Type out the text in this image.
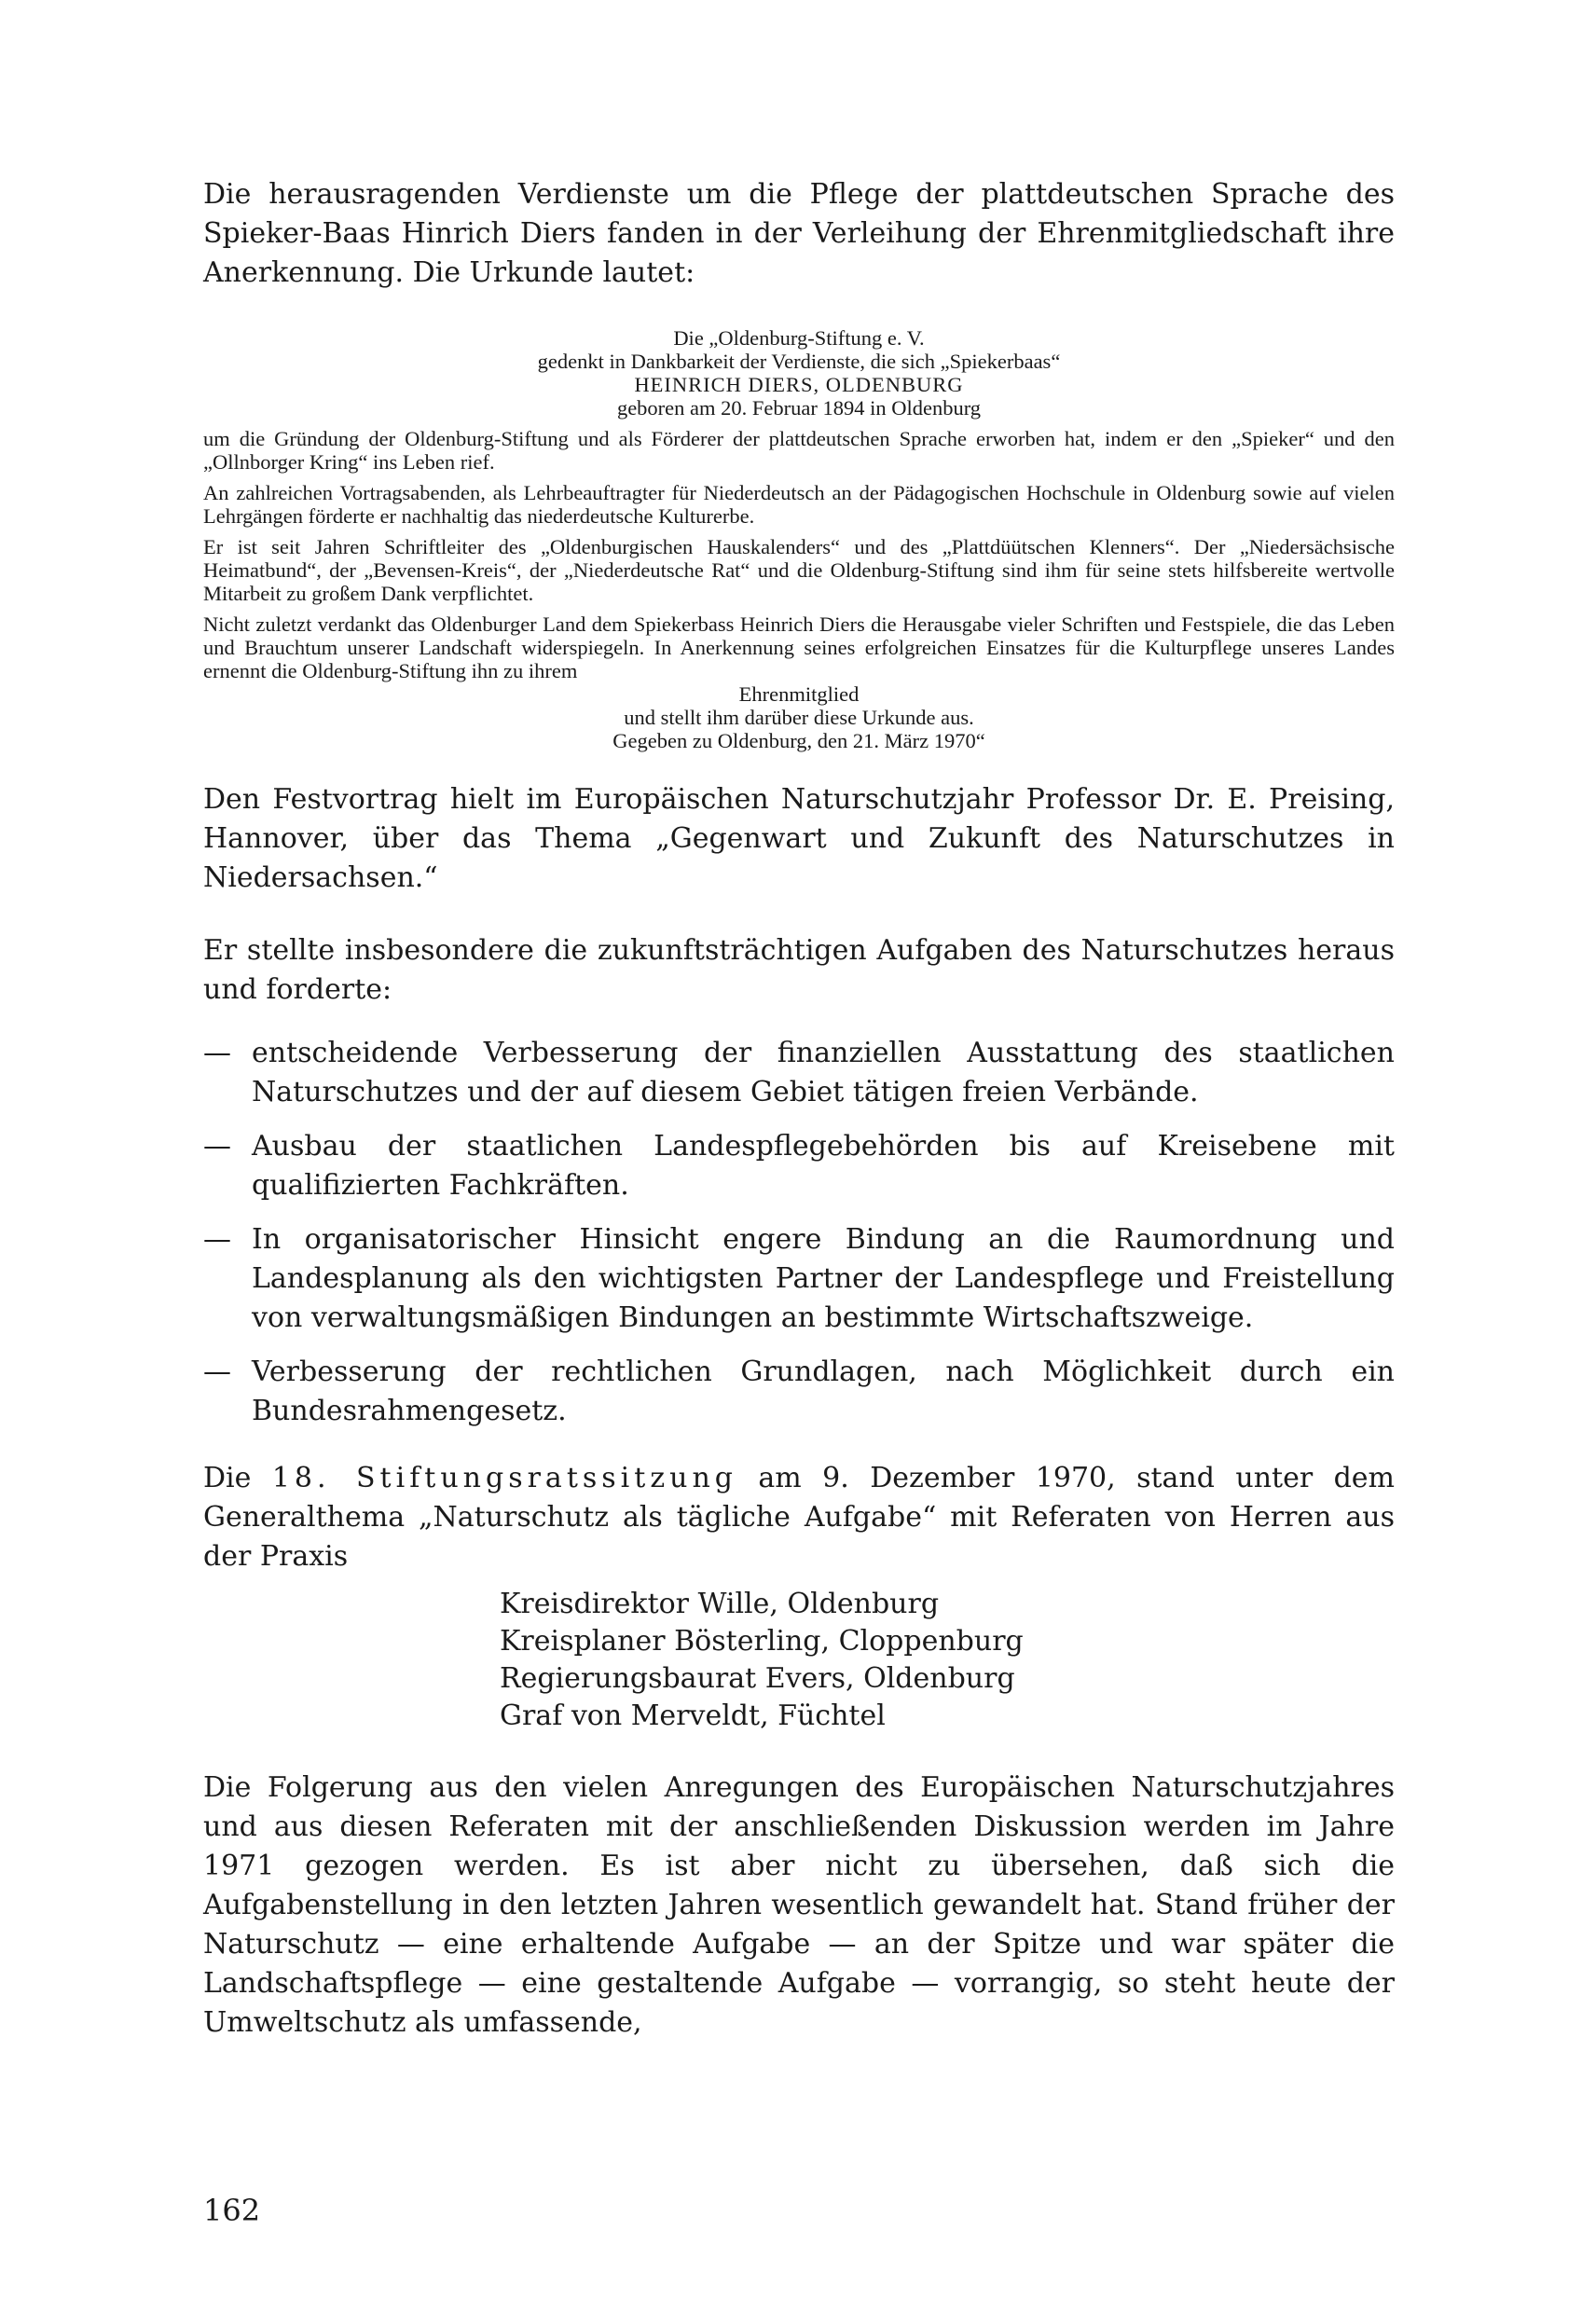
Die herausragenden Verdienste um die Pflege der plattdeutschen Sprache des Spieker-Baas Hinrich Diers fanden in der Verleihung der Ehrenmitgliedschaft ihre Anerkennung. Die Urkunde lautet:

Die „Oldenburg-Stiftung e. V.

gedenkt in Dankbarkeit der Verdienste, die sich „Spiekerbaas“

HEINRICH DIERS, OLDENBURG

geboren am 20. Februar 1894 in Oldenburg

um die Gründung der Oldenburg-Stiftung und als Förderer der plattdeutschen Sprache erworben hat, indem er den „Spieker“ und den „Ollnborger Kring“ ins Leben rief.

An zahlreichen Vortragsabenden, als Lehrbeauftragter für Niederdeutsch an der Pädagogischen Hochschule in Oldenburg sowie auf vielen Lehrgängen förderte er nachhaltig das niederdeutsche Kulturerbe.

Er ist seit Jahren Schriftleiter des „Oldenburgischen Hauskalenders“ und des „Plattdüütschen Klenners“. Der „Niedersächsische Heimatbund“, der „Bevensen-Kreis“, der „Niederdeutsche Rat“ und die Oldenburg-Stiftung sind ihm für seine stets hilfsbereite wertvolle Mitarbeit zu großem Dank verpflichtet.

Nicht zuletzt verdankt das Oldenburger Land dem Spiekerbass Heinrich Diers die Herausgabe vieler Schriften und Festspiele, die das Leben und Brauchtum unserer Landschaft widerspiegeln. In Anerkennung seines erfolgreichen Einsatzes für die Kulturpflege unseres Landes ernennt die Oldenburg-Stiftung ihn zu ihrem

Ehrenmitglied

und stellt ihm darüber diese Urkunde aus.

Gegeben zu Oldenburg, den 21. März 1970“

Den Festvortrag hielt im Europäischen Naturschutzjahr Professor Dr. E. Preising, Hannover, über das Thema „Gegenwart und Zukunft des Naturschutzes in Niedersachsen.“

Er stellte insbesondere die zukunftsträchtigen Aufgaben des Naturschutzes heraus und forderte:

— entscheidende Verbesserung der finanziellen Ausstattung des staatlichen Naturschutzes und der auf diesem Gebiet tätigen freien Verbände.
— Ausbau der staatlichen Landespflegebehörden bis auf Kreisebene mit qualifizierten Fachkräften.
— In organisatorischer Hinsicht engere Bindung an die Raumordnung und Landesplanung als den wichtigsten Partner der Landespflege und Freistellung von verwaltungsmäßigen Bindungen an bestimmte Wirtschaftszweige.
— Verbesserung der rechtlichen Grundlagen, nach Möglichkeit durch ein Bundesrahmengesetz.

Die 18. Stiftungsratssitzung am 9. Dezember 1970, stand unter dem Generalthema „Naturschutz als tägliche Aufgabe“ mit Referaten von Herren aus der Praxis

Kreisdirektor Wille, Oldenburg
Kreisplaner Bösterling, Cloppenburg
Regierungsbaurat Evers, Oldenburg
Graf von Merveldt, Füchtel

Die Folgerung aus den vielen Anregungen des Europäischen Naturschutzjahres und aus diesen Referaten mit der anschließenden Diskussion werden im Jahre 1971 gezogen werden. Es ist aber nicht zu übersehen, daß sich die Aufgabenstellung in den letzten Jahren wesentlich gewandelt hat. Stand früher der Naturschutz — eine erhaltende Aufgabe — an der Spitze und war später die Landschaftspflege — eine gestaltende Aufgabe — vorrangig, so steht heute der Umweltschutz als umfassende,

162
